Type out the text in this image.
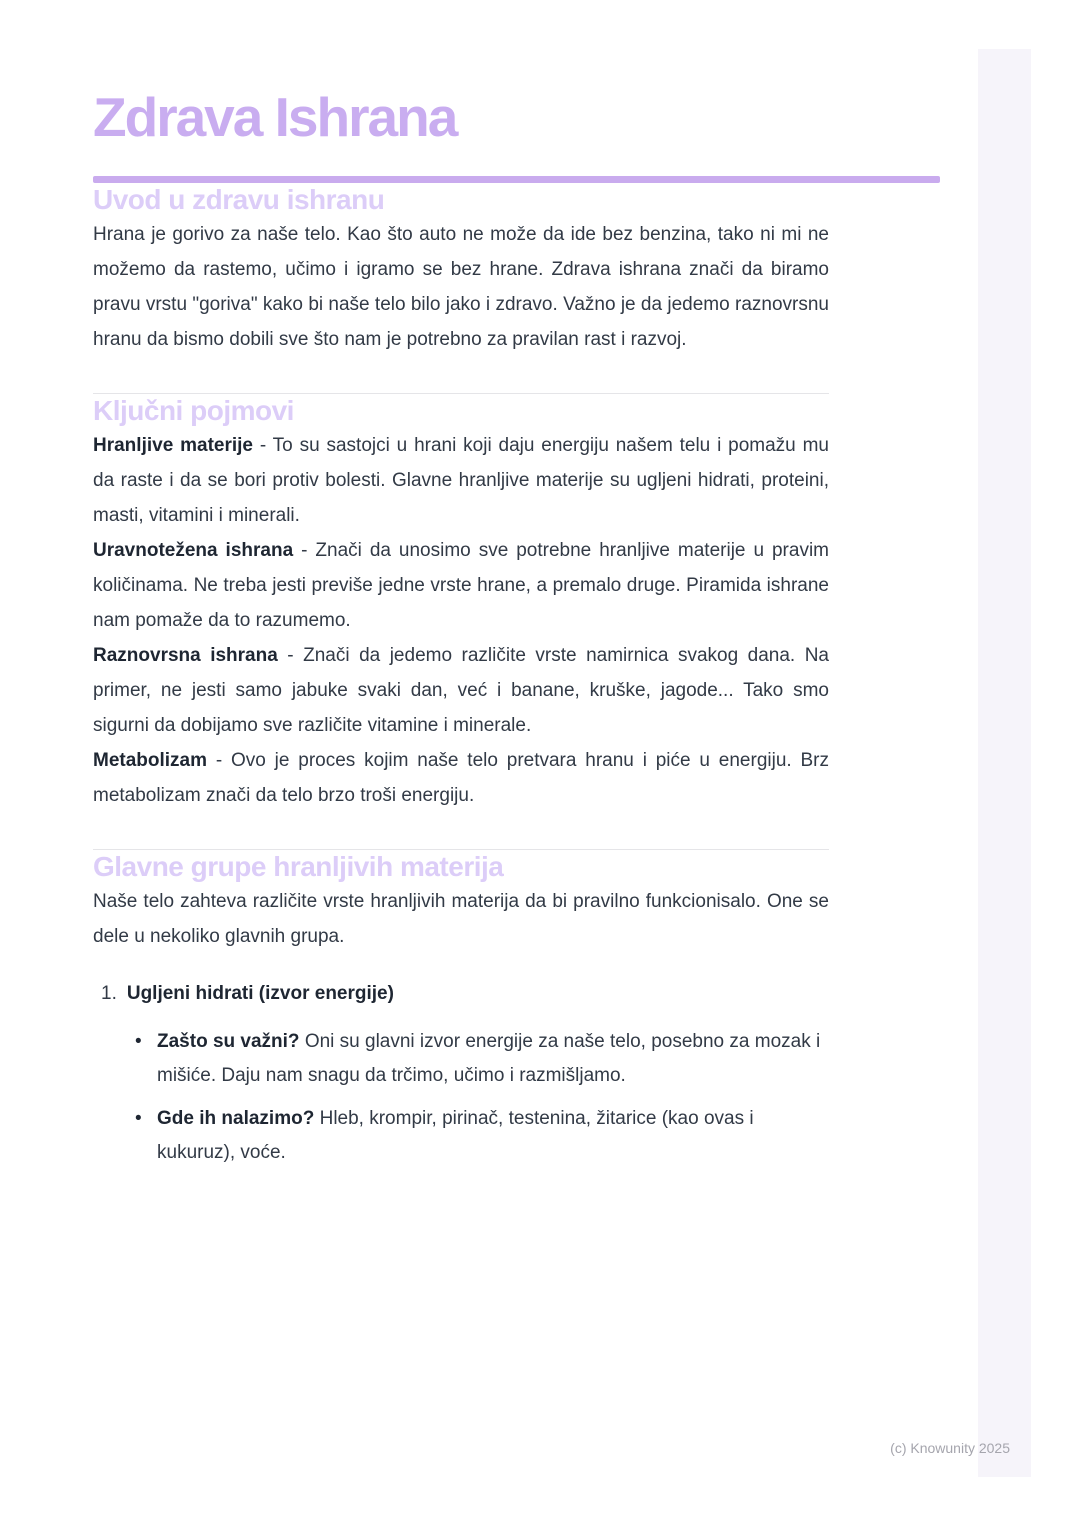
Zdrava Ishrana
Uvod u zdravu ishranu

Hrana je gorivo za naše telo. Kao što auto ne može da ide bez benzina, tako ni mi ne možemo da rastemo, učimo i igramo se bez hrane. Zdrava ishrana znači da biramo pravu vrstu "goriva" kako bi naše telo bilo jako i zdravo. Važno je da jedemo raznovrsnu hranu da bismo dobili sve što nam je potrebno za pravilan rast i razvoj.

Ključni pojmovi

Hranljive materije - To su sastojci u hrani koji daju energiju našem telu i pomažu mu da raste i da se bori protiv bolesti. Glavne hranljive materije su ugljeni hidrati, proteini, masti, vitamini i minerali.

Uravnotežena ishrana - Znači da unosimo sve potrebne hranljive materije u pravim količinama. Ne treba jesti previše jedne vrste hrane, a premalo druge. Piramida ishrane nam pomaže da to razumemo.

Raznovrsna ishrana - Znači da jedemo različite vrste namirnica svakog dana. Na primer, ne jesti samo jabuke svaki dan, već i banane, kruške, jagode... Tako smo sigurni da dobijamo sve različite vitamine i minerale.

Metabolizam - Ovo je proces kojim naše telo pretvara hranu i piće u energiju. Brz metabolizam znači da telo brzo troši energiju.

Glavne grupe hranljivih materija

Naše telo zahteva različite vrste hranljivih materija da bi pravilno funkcionisalo. One se dele u nekoliko glavnih grupa.

1. Ugljeni hidrati (izvor energije)
• Zašto su važni? Oni su glavni izvor energije za naše telo, posebno za mozak i mišiće. Daju nam snagu da trčimo, učimo i razmišljamo.
• Gde ih nalazimo? Hleb, krompir, pirinač, testenina, žitarice (kao ovas i kukuruz), voće.
(c) Knowunity 2025
